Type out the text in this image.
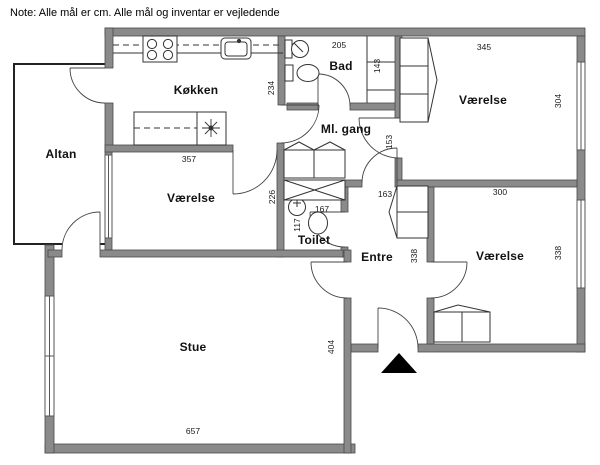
Note: Alle mål er cm. Alle mål og inventar er vejledende
Køkken
Bad
Værelse
Ml. gang
Altan
Værelse
Toilet
Entre	Værelse
Stue
234
205
143
345
304
153
357
226
167
117
163
338
300
338
657
404
